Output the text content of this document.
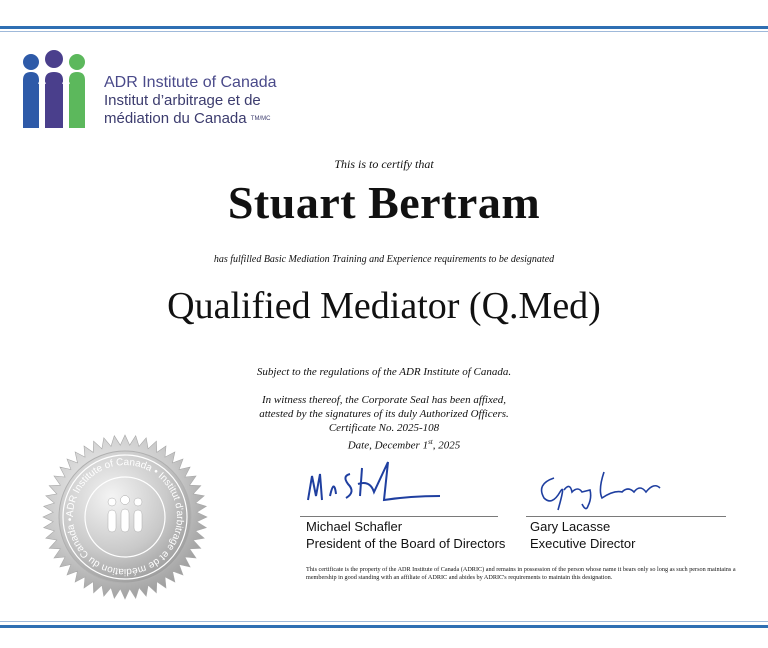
ADR Institute of Canada
Institut d’arbitrage et de
médiation du Canada $^{TM/MC}$
This is to certify that
Stuart Bertram
has fulfilled Basic Mediation Training and Experience requirements to be designated
Qualified Mediator (Q.Med)
Subject to the regulations of the ADR Institute of Canada.
In witness thereof, the Corporate Seal has been affixed,
attested by the signatures of its duly Authorized Officers.
Certificate No. 2025-108
Date, December 1st, 2025
ADR Institute of Canada • Institut d'arbitrage et de médiation du Canada •	Michael Schafler
President of the Board of Directors
Gary Lacasse
Executive Director
This certificate is the property of the ADR Institute of Canada (ADRIC) and remains in possession of the person whose name it bears only so long as such person maintains a membership in good standing with an affiliate of ADRIC and abides by ADRIC's requirements to maintain this designation.
